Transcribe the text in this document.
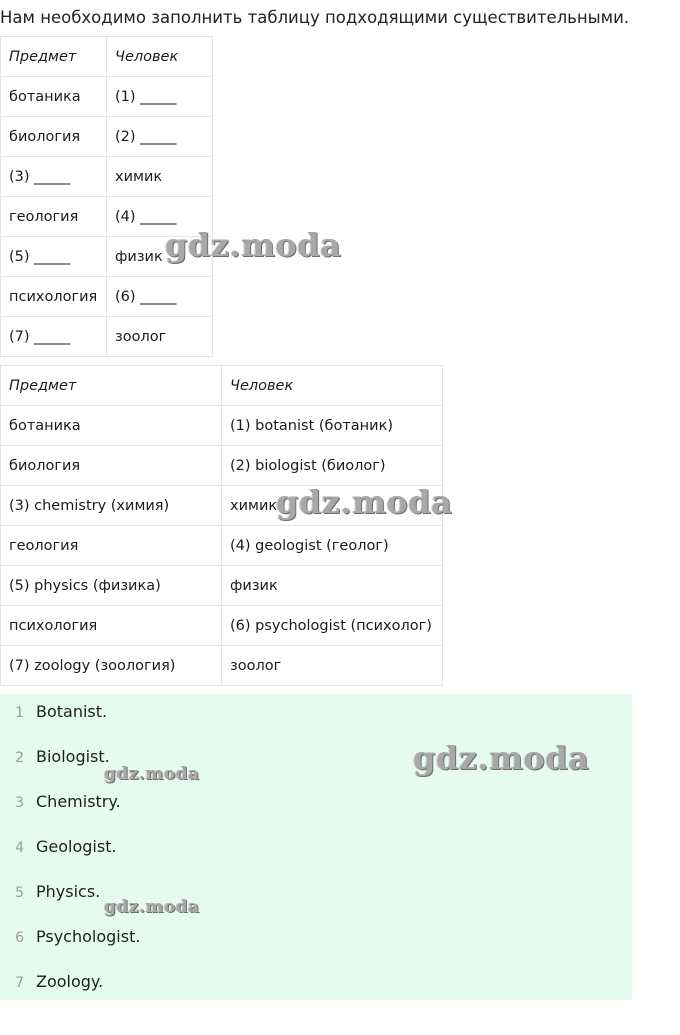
Нам необходимо заполнить таблицу подходящими существительными.
Предмет	Человек
ботаника	(1) _____
биология	(2) _____
(3) _____	химик
геология	(4) _____
(5) _____	физик
психология	(6) _____
(7) _____	зоолог
Предмет	Человек
ботаника	(1) botanist (ботаник)
биология	(2) biologist (биолог)
(3) chemistry (химия)	химик
геология	(4) geologist (геолог)
(5) physics (физика)	физик
психология	(6) psychologist (психолог)
(7) zoology (зоология)	зоолог
1 Botanist.
2 Biologist.
3 Chemistry.
4 Geologist.
5 Physics.
6 Psychologist.
7 Zoology.
gdz.moda
gdz.moda
gdz.moda
gdz.moda
gdz.moda
